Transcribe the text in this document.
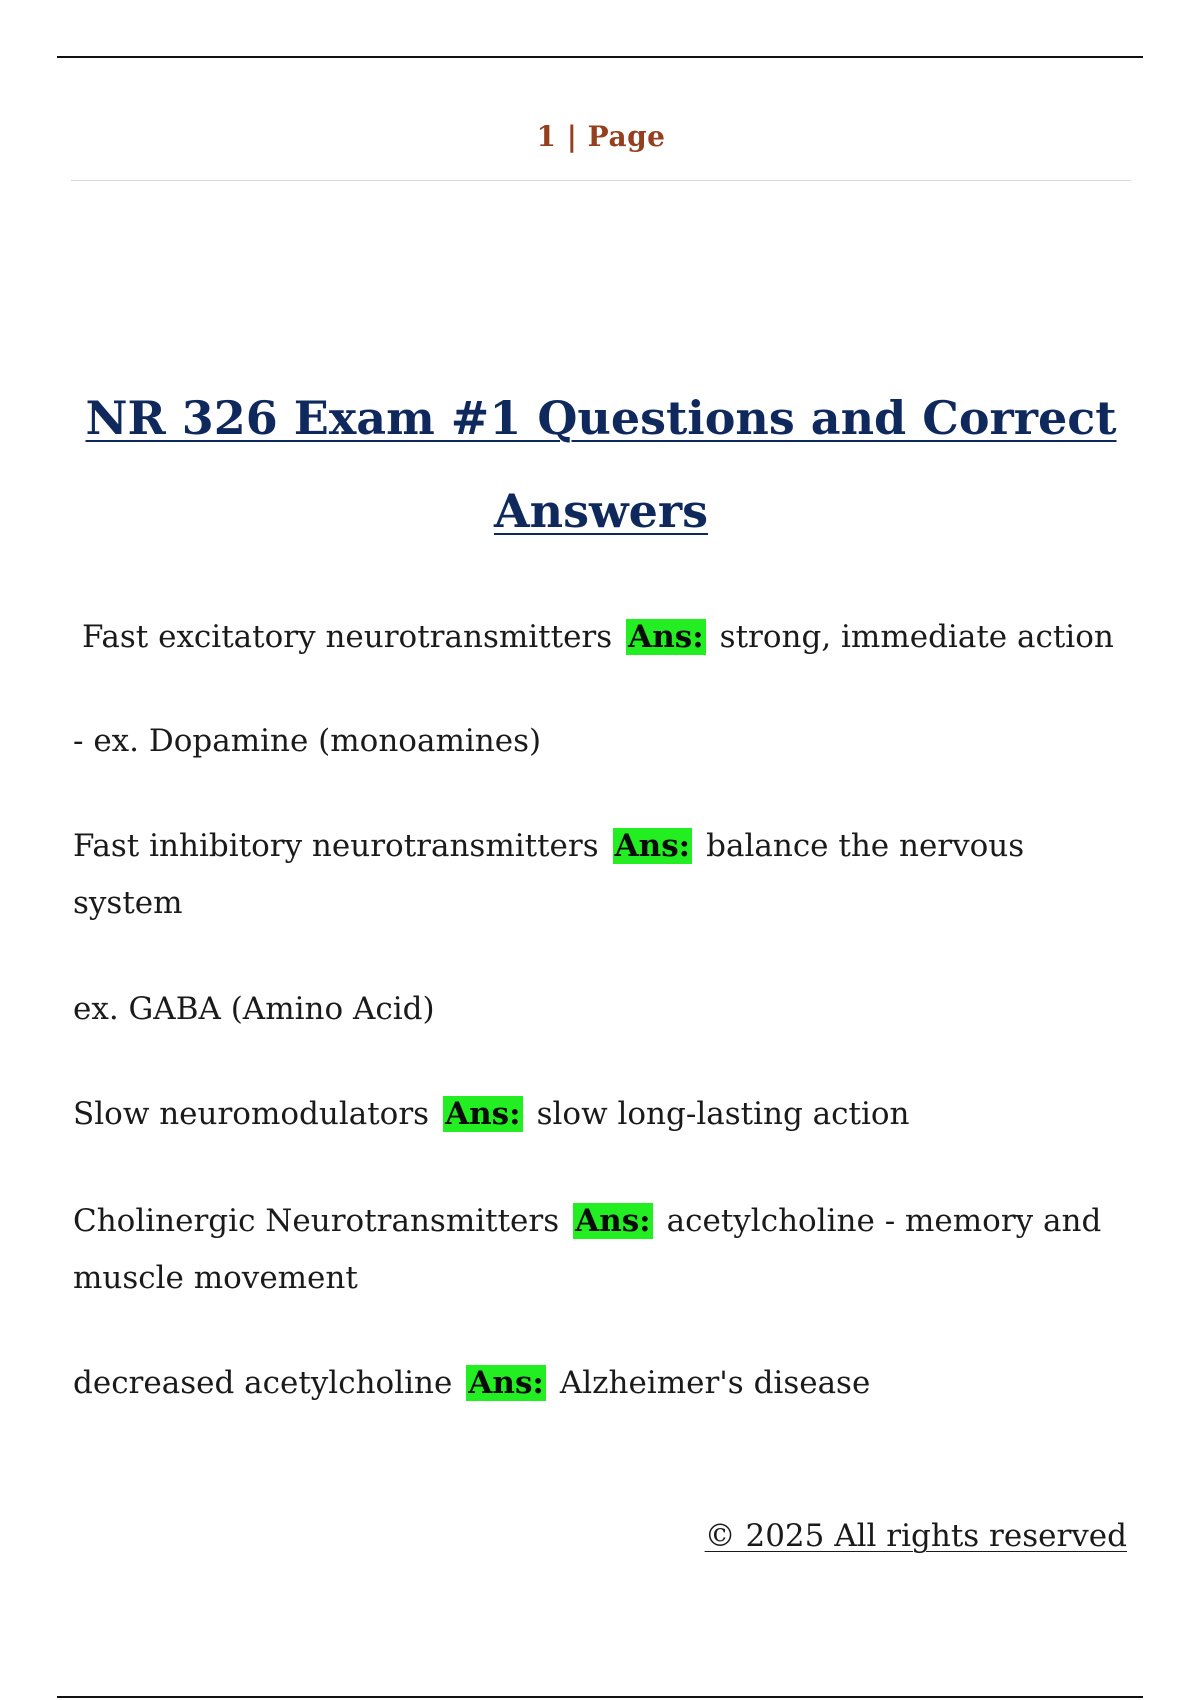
1 | Page
NR 326 Exam #1 Questions and Correct
Answers

Fast excitatory neurotransmitters Ans: strong, immediate action

- ex. Dopamine (monoamines)

Fast inhibitory neurotransmitters Ans: balance the nervous system

ex. GABA (Amino Acid)

Slow neuromodulators Ans: slow long-lasting action

Cholinergic Neurotransmitters Ans: acetylcholine - memory and muscle movement

decreased acetylcholine Ans: Alzheimer's disease

© 2025 All rights reserved
